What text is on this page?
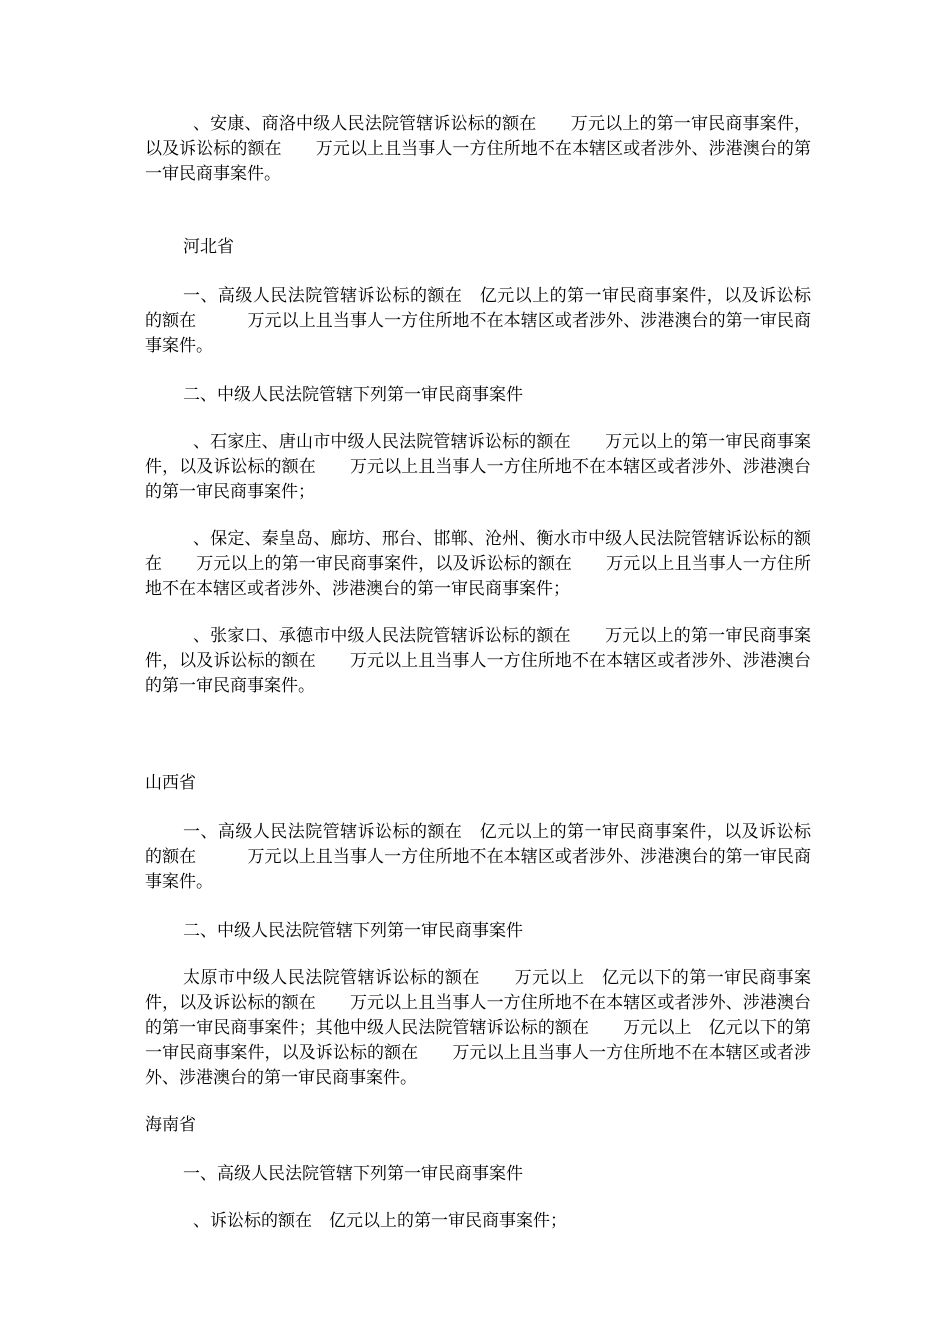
、安康、商洛中级人民法院管辖诉讼标的额在　　万元以上的第一审民商事案件，以及诉讼标的额在　　万元以上且当事人一方住所地不在本辖区或者涉外、涉港澳台的第一审民商事案件。

河北省

一、高级人民法院管辖诉讼标的额在　亿元以上的第一审民商事案件，以及诉讼标的额在　　　万元以上且当事人一方住所地不在本辖区或者涉外、涉港澳台的第一审民商事案件。

二、中级人民法院管辖下列第一审民商事案件

、石家庄、唐山市中级人民法院管辖诉讼标的额在　　万元以上的第一审民商事案件，以及诉讼标的额在　　万元以上且当事人一方住所地不在本辖区或者涉外、涉港澳台的第一审民商事案件；

、保定、秦皇岛、廊坊、邢台、邯郸、沧州、衡水市中级人民法院管辖诉讼标的额在　　万元以上的第一审民商事案件，以及诉讼标的额在　　万元以上且当事人一方住所地不在本辖区或者涉外、涉港澳台的第一审民商事案件；

、张家口、承德市中级人民法院管辖诉讼标的额在　　万元以上的第一审民商事案件，以及诉讼标的额在　　万元以上且当事人一方住所地不在本辖区或者涉外、涉港澳台的第一审民商事案件。

山西省

一、高级人民法院管辖诉讼标的额在　亿元以上的第一审民商事案件，以及诉讼标的额在　　　万元以上且当事人一方住所地不在本辖区或者涉外、涉港澳台的第一审民商事案件。

二、中级人民法院管辖下列第一审民商事案件

太原市中级人民法院管辖诉讼标的额在　　万元以上　亿元以下的第一审民商事案件，以及诉讼标的额在　　万元以上且当事人一方住所地不在本辖区或者涉外、涉港澳台的第一审民商事案件；其他中级人民法院管辖诉讼标的额在　　万元以上　亿元以下的第一审民商事案件，以及诉讼标的额在　　万元以上且当事人一方住所地不在本辖区或者涉外、涉港澳台的第一审民商事案件。

海南省

一、高级人民法院管辖下列第一审民商事案件

、诉讼标的额在　亿元以上的第一审民商事案件；
